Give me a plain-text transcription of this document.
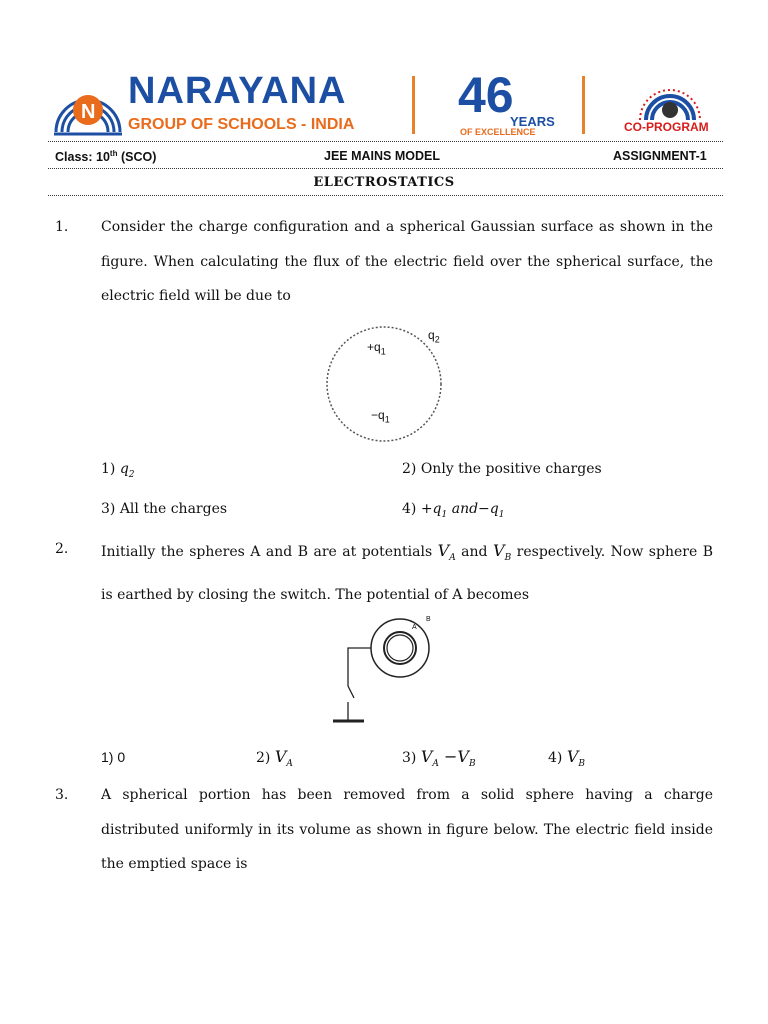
N NARAYANA
GROUP OF SCHOOLS - INDIA
46
YEARS
OF EXCELLENCE	CO-PROGRAM
Class: 10th (SCO)	JEE MAINS MODEL	ASSIGNMENT-1
ELECTROSTATICS
1. Consider the charge configuration and a spherical Gaussian surface as shown in the figure. When calculating the flux of the electric field over the spherical surface, the electric field will be due to
$+q_1$
$-q_1$
$q_2$
1) $q_2$	2) Only the positive charges
3) All the charges	$4) +q_1$ $and-q_1$
2. Initially the spheres A and B are at potentials $V_A$ and $V_B$ respectively. Now sphere B is earthed by closing the switch. The potential of A becomes
A
B
1) 0	2) $V_A$	3) $V_A -V_B$	4) $V_B$
3. A spherical portion has been removed from a solid sphere having a charge distributed uniformly in its volume as shown in figure below. The electric field inside the emptied space is
